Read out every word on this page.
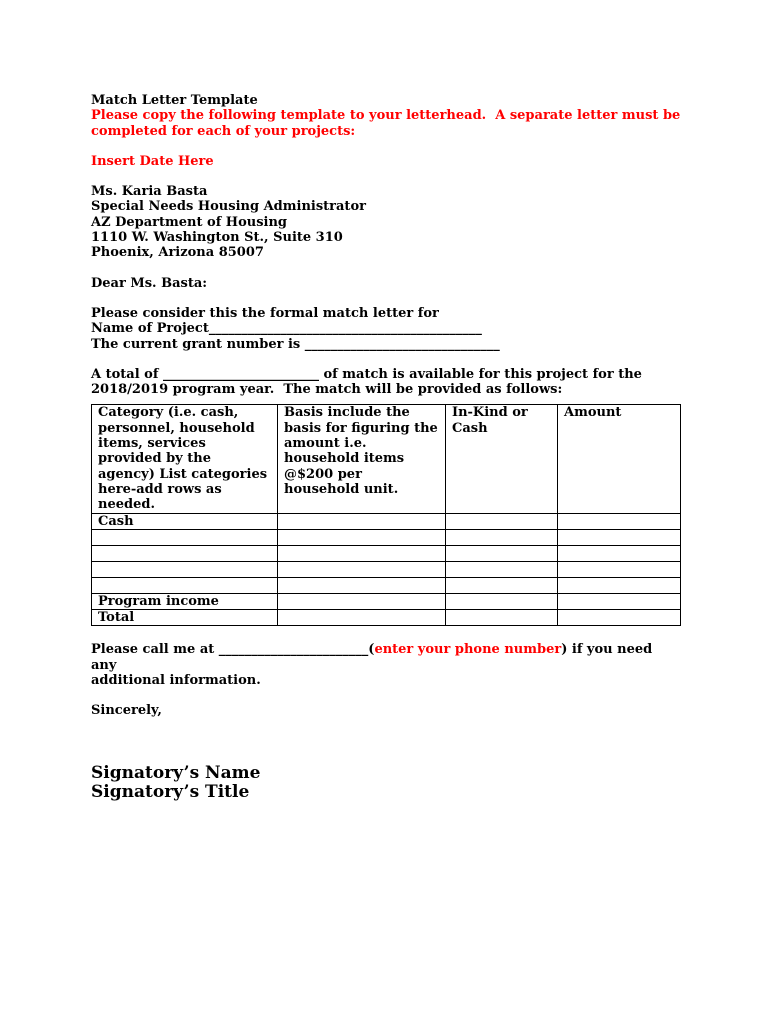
Match Letter Template
Please copy the following template to your letterhead.  A separate letter must be
completed for each of your projects:
Insert Date Here
Ms. Karia Basta
Special Needs Housing Administrator
AZ Department of Housing
1110 W. Washington St., Suite 310
Phoenix, Arizona 85007
Dear Ms. Basta:
Please consider this the formal match letter for
Name of Project__________________________________________
The current grant number is ______________________________
A total of ________________________ of match is available for this project for the
2018/2019 program year.  The match will be provided as follows:
Category (i.e. cash, personnel, household items, services provided by the agency) List categories here-add rows as needed.	Basis include the basis for figuring the amount i.e. household items @$200 per household unit.	In-Kind or Cash	Amount
Cash			

Program income			
Total			
Please call me at _______________________(enter your phone number) if you need any
additional information.
Sincerely,
Signatory’s Name
Signatory’s Title
